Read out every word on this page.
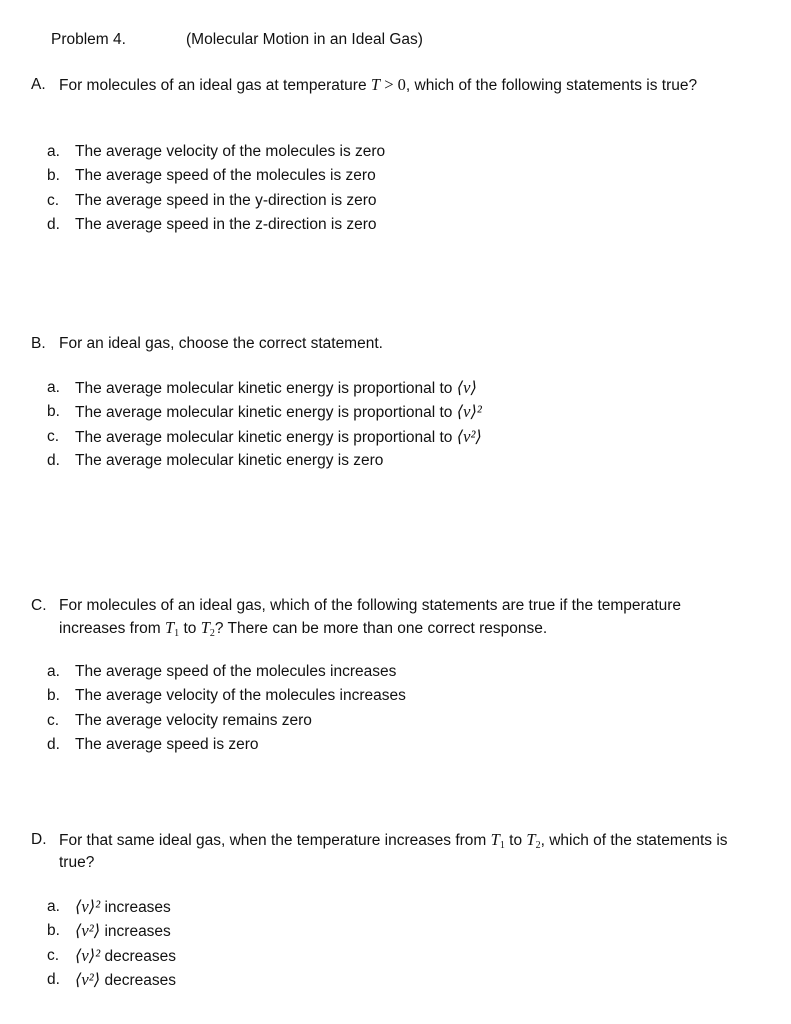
Problem 4.	(Molecular Motion in an Ideal Gas)
A. For molecules of an ideal gas at temperature T > 0, which of the following statements is true?
a. The average velocity of the molecules is zero
b. The average speed of the molecules is zero
c. The average speed in the y-direction is zero
d. The average speed in the z-direction is zero
B. For an ideal gas, choose the correct statement.
a. The average molecular kinetic energy is proportional to ⟨v⟩
b. The average molecular kinetic energy is proportional to ⟨v⟩²
c. The average molecular kinetic energy is proportional to ⟨v²⟩
d. The average molecular kinetic energy is zero
C. For molecules of an ideal gas, which of the following statements are true if the temperature increases from $T_1$ to $T_2$? There can be more than one correct response.
a. The average speed of the molecules increases
b. The average velocity of the molecules increases
c. The average velocity remains zero
d. The average speed is zero
D. For that same ideal gas, when the temperature increases from $T_1$ to $T_2$, which of the statements is true?
a. ⟨v⟩² increases
b. ⟨v²⟩ increases
c. ⟨v⟩² decreases
d. ⟨v²⟩ decreases
